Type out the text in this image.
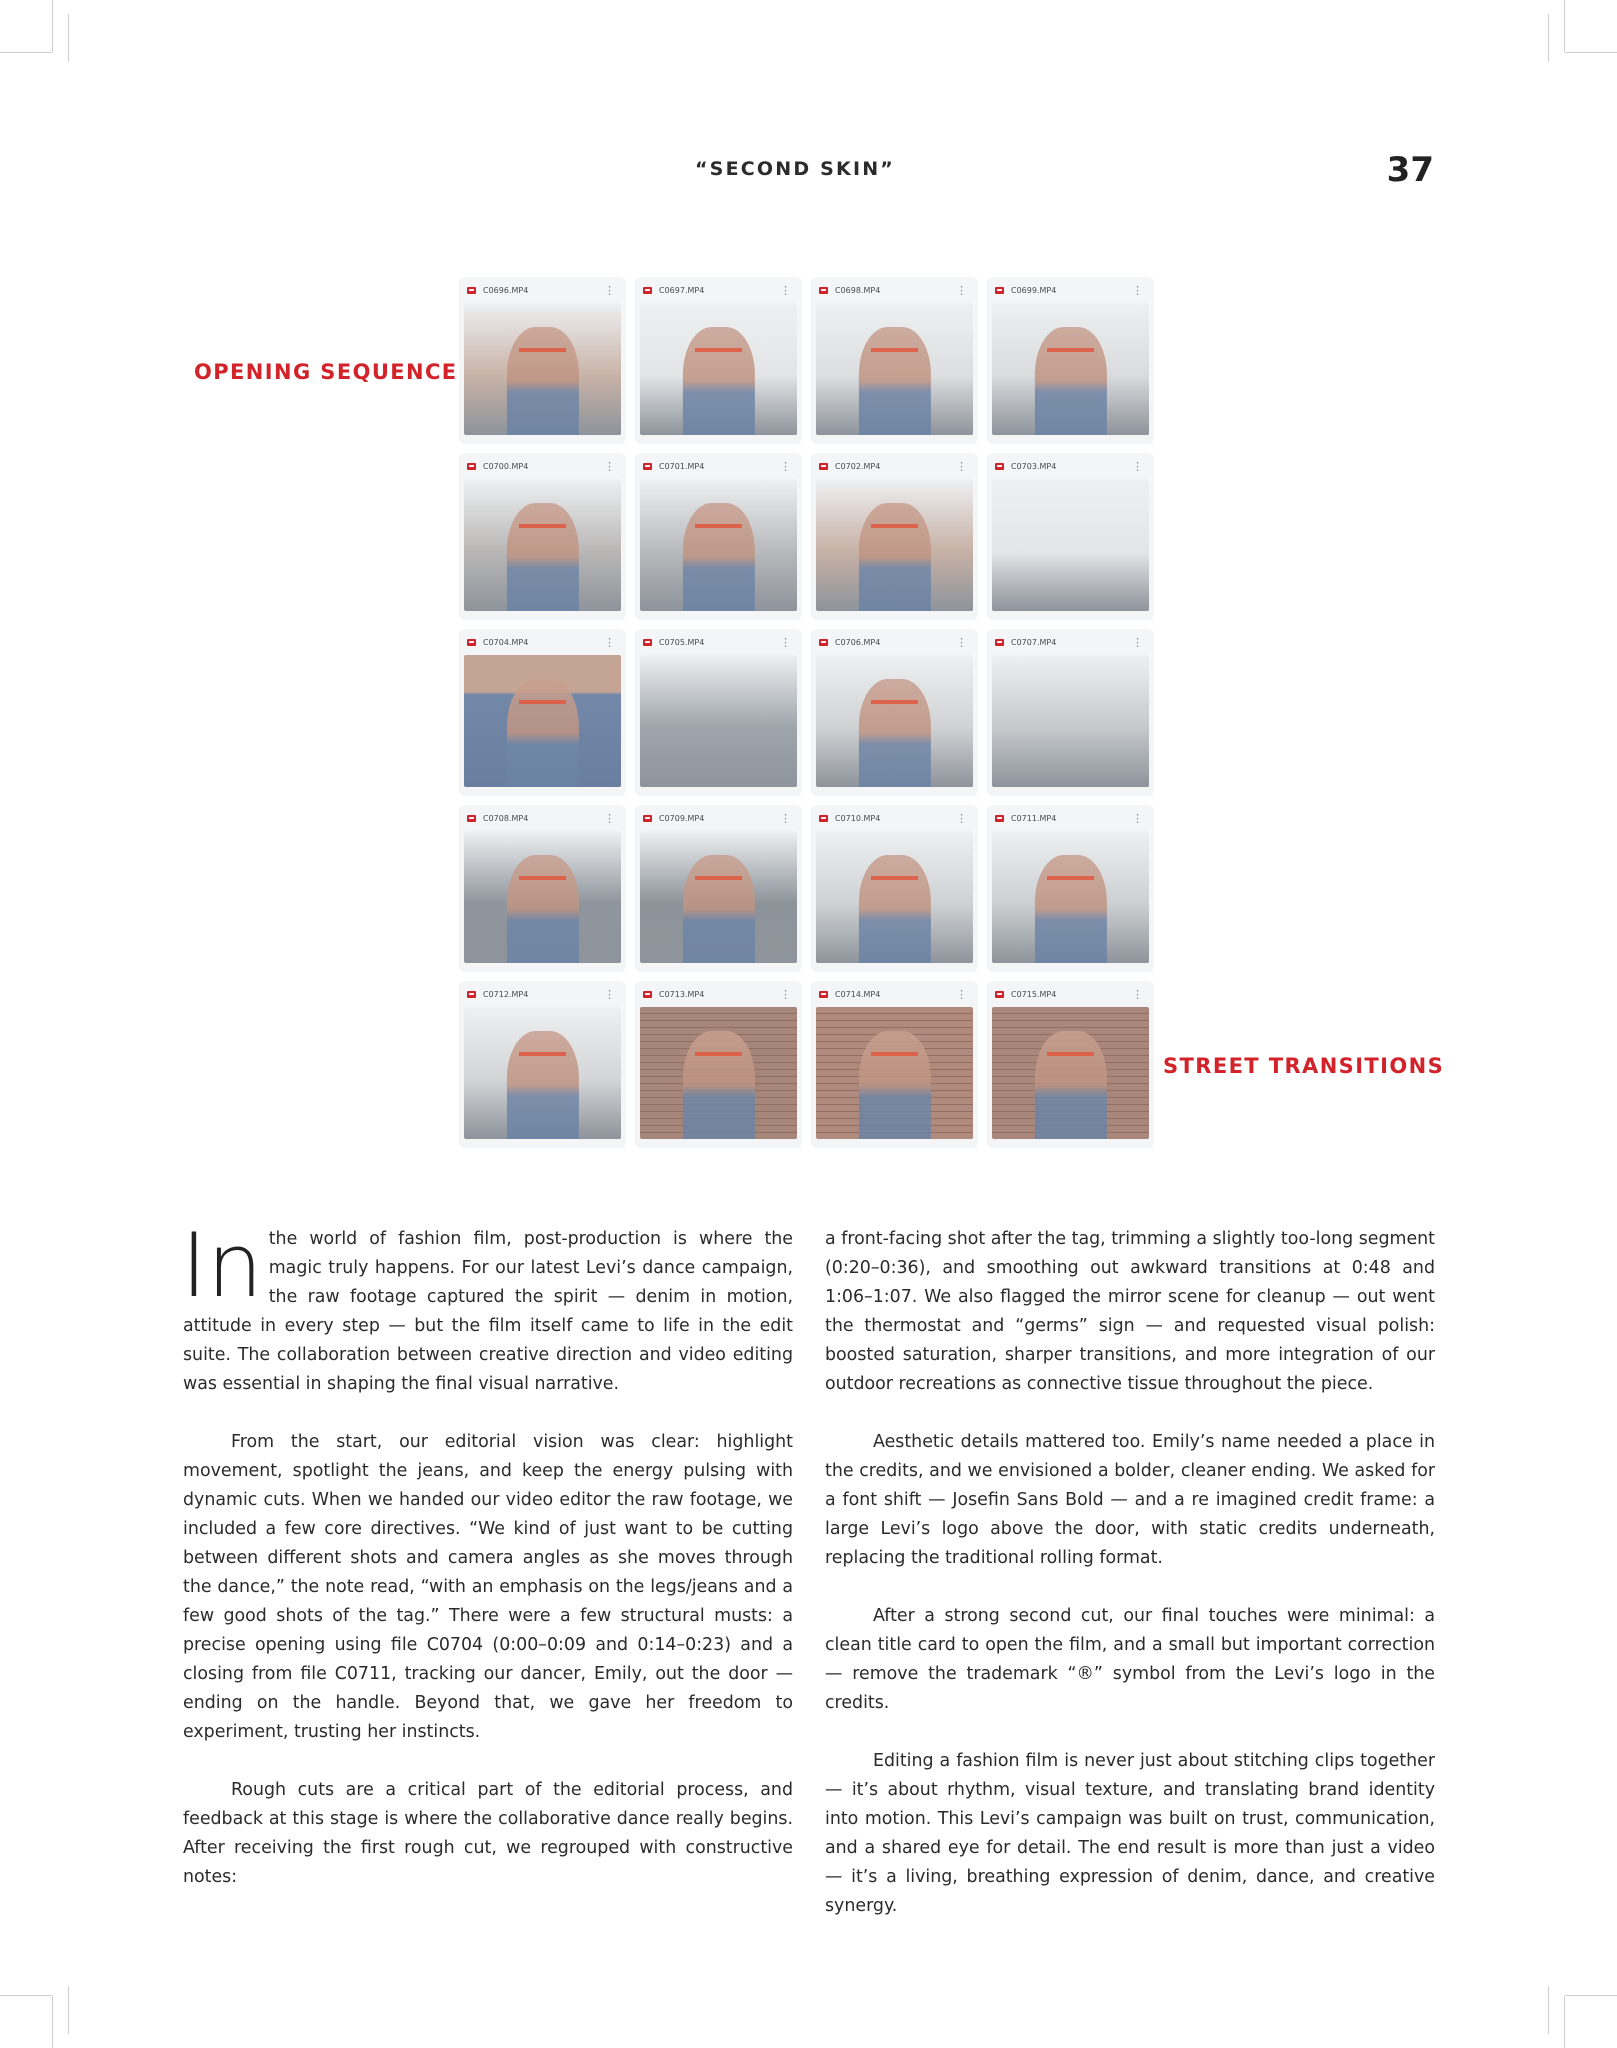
“SECOND SKIN”	37
OPENING SEQUENCE
STREET TRANSITIONS
C0696.MP4	⋮	C0697.MP4	⋮	C0698.MP4	⋮	C0699.MP4	⋮
C0700.MP4	⋮	C0701.MP4	⋮	C0702.MP4	⋮	C0703.MP4	⋮
C0704.MP4	⋮	C0705.MP4	⋮	C0706.MP4	⋮	C0707.MP4	⋮
C0708.MP4	⋮	C0709.MP4	⋮	C0710.MP4	⋮	C0711.MP4	⋮
C0712.MP4	⋮	C0713.MP4	⋮	C0714.MP4	⋮	C0715.MP4	⋮

In the world of fashion film, post-production is where the magic truly happens. For our latest Levi’s dance campaign, the raw footage captured the spirit — denim in motion, attitude in every step — but the film itself came to life in the edit suite. The collaboration between creative direction and video editing was essential in shaping the final visual narrative.

From the start, our editorial vision was clear: highlight movement, spotlight the jeans, and keep the energy pulsing with dynamic cuts. When we handed our video editor the raw footage, we included a few core directives. “We kind of just want to be cutting between different shots and camera angles as she moves through the dance,” the note read, “with an emphasis on the legs/jeans and a few good shots of the tag.” There were a few structural musts: a precise opening using file C0704 (0:00–0:09 and 0:14–0:23) and a closing from file C0711, tracking our dancer, Emily, out the door — ending on the handle. Beyond that, we gave her freedom to experiment, trusting her instincts.

Rough cuts are a critical part of the editorial process, and feedback at this stage is where the collaborative dance really begins. After receiving the first rough cut, we regrouped with constructive notes:

a front-facing shot after the tag, trimming a slightly too-long segment (0:20–0:36), and smoothing out awkward transitions at 0:48 and 1:06–1:07. We also flagged the mirror scene for cleanup — out went the thermostat and “germs” sign — and requested visual polish: boosted saturation, sharper transitions, and more integration of our outdoor recreations as connective tissue throughout the piece.

Aesthetic details mattered too. Emily’s name needed a place in the credits, and we envisioned a bolder, cleaner ending. We asked for a font shift — Josefin Sans Bold — and a re imagined credit frame: a large Levi’s logo above the door, with static credits underneath, replacing the traditional rolling format.

After a strong second cut, our final touches were minimal: a clean title card to open the film, and a small but important correction — remove the trademark “®” symbol from the Levi’s logo in the credits.

Editing a fashion film is never just about stitching clips together — it’s about rhythm, visual texture, and translating brand identity into motion. This Levi’s campaign was built on trust, communication, and a shared eye for detail. The end result is more than just a video — it’s a living, breathing expression of denim, dance, and creative synergy.
